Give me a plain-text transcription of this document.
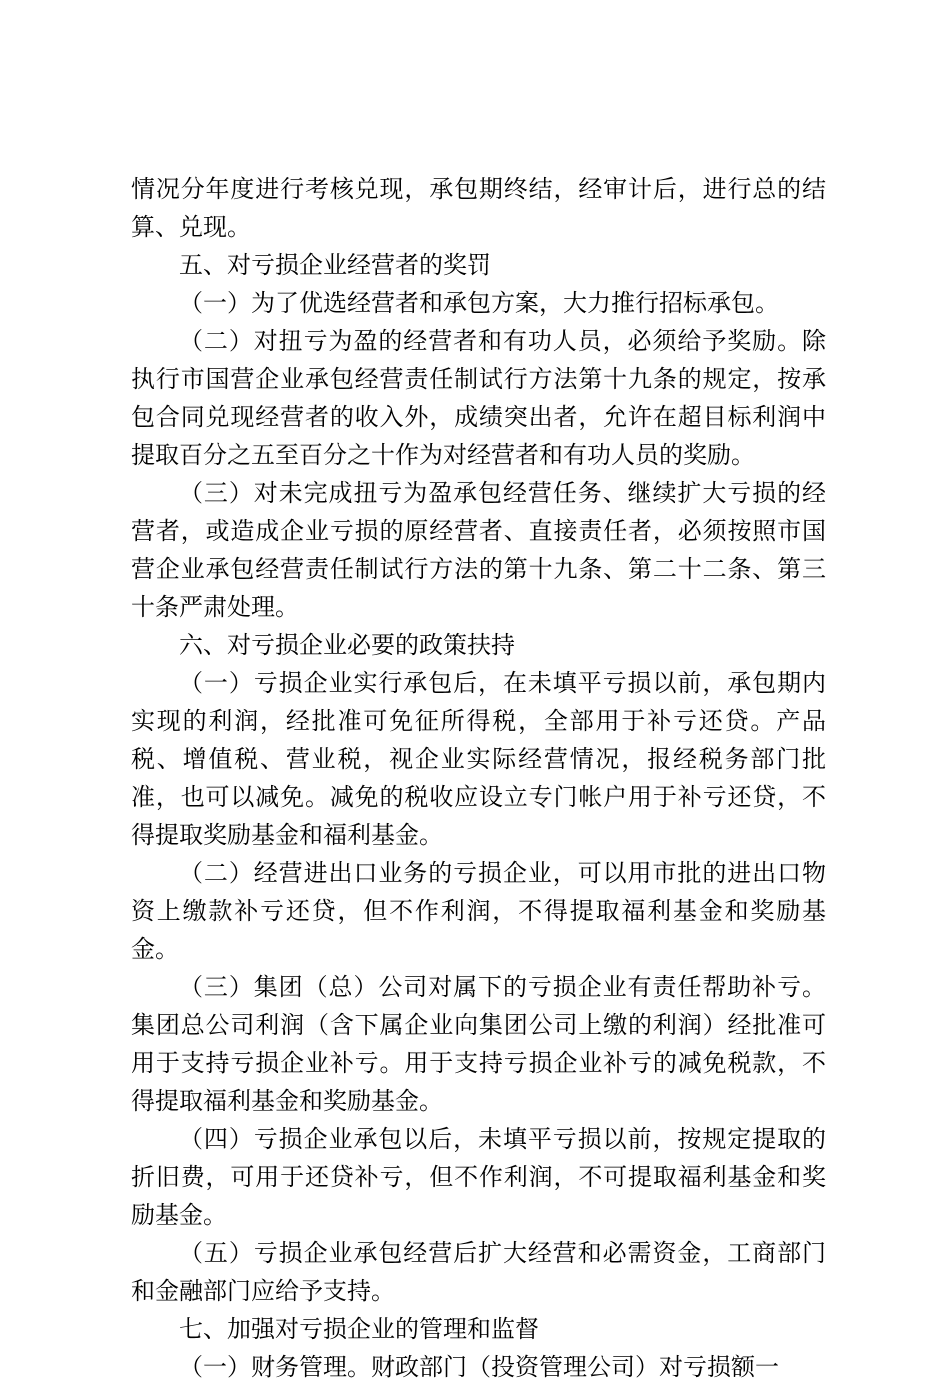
情况分年度进行考核兑现，承包期终结，经审计后，进行总的结算、兑现。

五、对亏损企业经营者的奖罚

（一）为了优选经营者和承包方案，大力推行招标承包。

（二）对扭亏为盈的经营者和有功人员，必须给予奖励。除执行市国营企业承包经营责任制试行方法第十九条的规定，按承包合同兑现经营者的收入外，成绩突出者，允许在超目标利润中提取百分之五至百分之十作为对经营者和有功人员的奖励。

（三）对未完成扭亏为盈承包经营任务、继续扩大亏损的经营者，或造成企业亏损的原经营者、直接责任者，必须按照市国营企业承包经营责任制试行方法的第十九条、第二十二条、第三十条严肃处理。

六、对亏损企业必要的政策扶持

（一）亏损企业实行承包后，在未填平亏损以前，承包期内实现的利润，经批准可免征所得税，全部用于补亏还贷。产品税、增值税、营业税，视企业实际经营情况，报经税务部门批准，也可以减免。减免的税收应设立专门帐户用于补亏还贷，不得提取奖励基金和福利基金。

（二）经营进出口业务的亏损企业，可以用市批的进出口物资上缴款补亏还贷，但不作利润，不得提取福利基金和奖励基金。

（三）集团（总）公司对属下的亏损企业有责任帮助补亏。集团总公司利润（含下属企业向集团公司上缴的利润）经批准可用于支持亏损企业补亏。用于支持亏损企业补亏的减免税款，不得提取福利基金和奖励基金。

（四）亏损企业承包以后，未填平亏损以前，按规定提取的折旧费，可用于还贷补亏，但不作利润，不可提取福利基金和奖励基金。

（五）亏损企业承包经营后扩大经营和必需资金，工商部门和金融部门应给予支持。

七、加强对亏损企业的管理和监督

（一）财务管理。财政部门（投资管理公司）对亏损额一
